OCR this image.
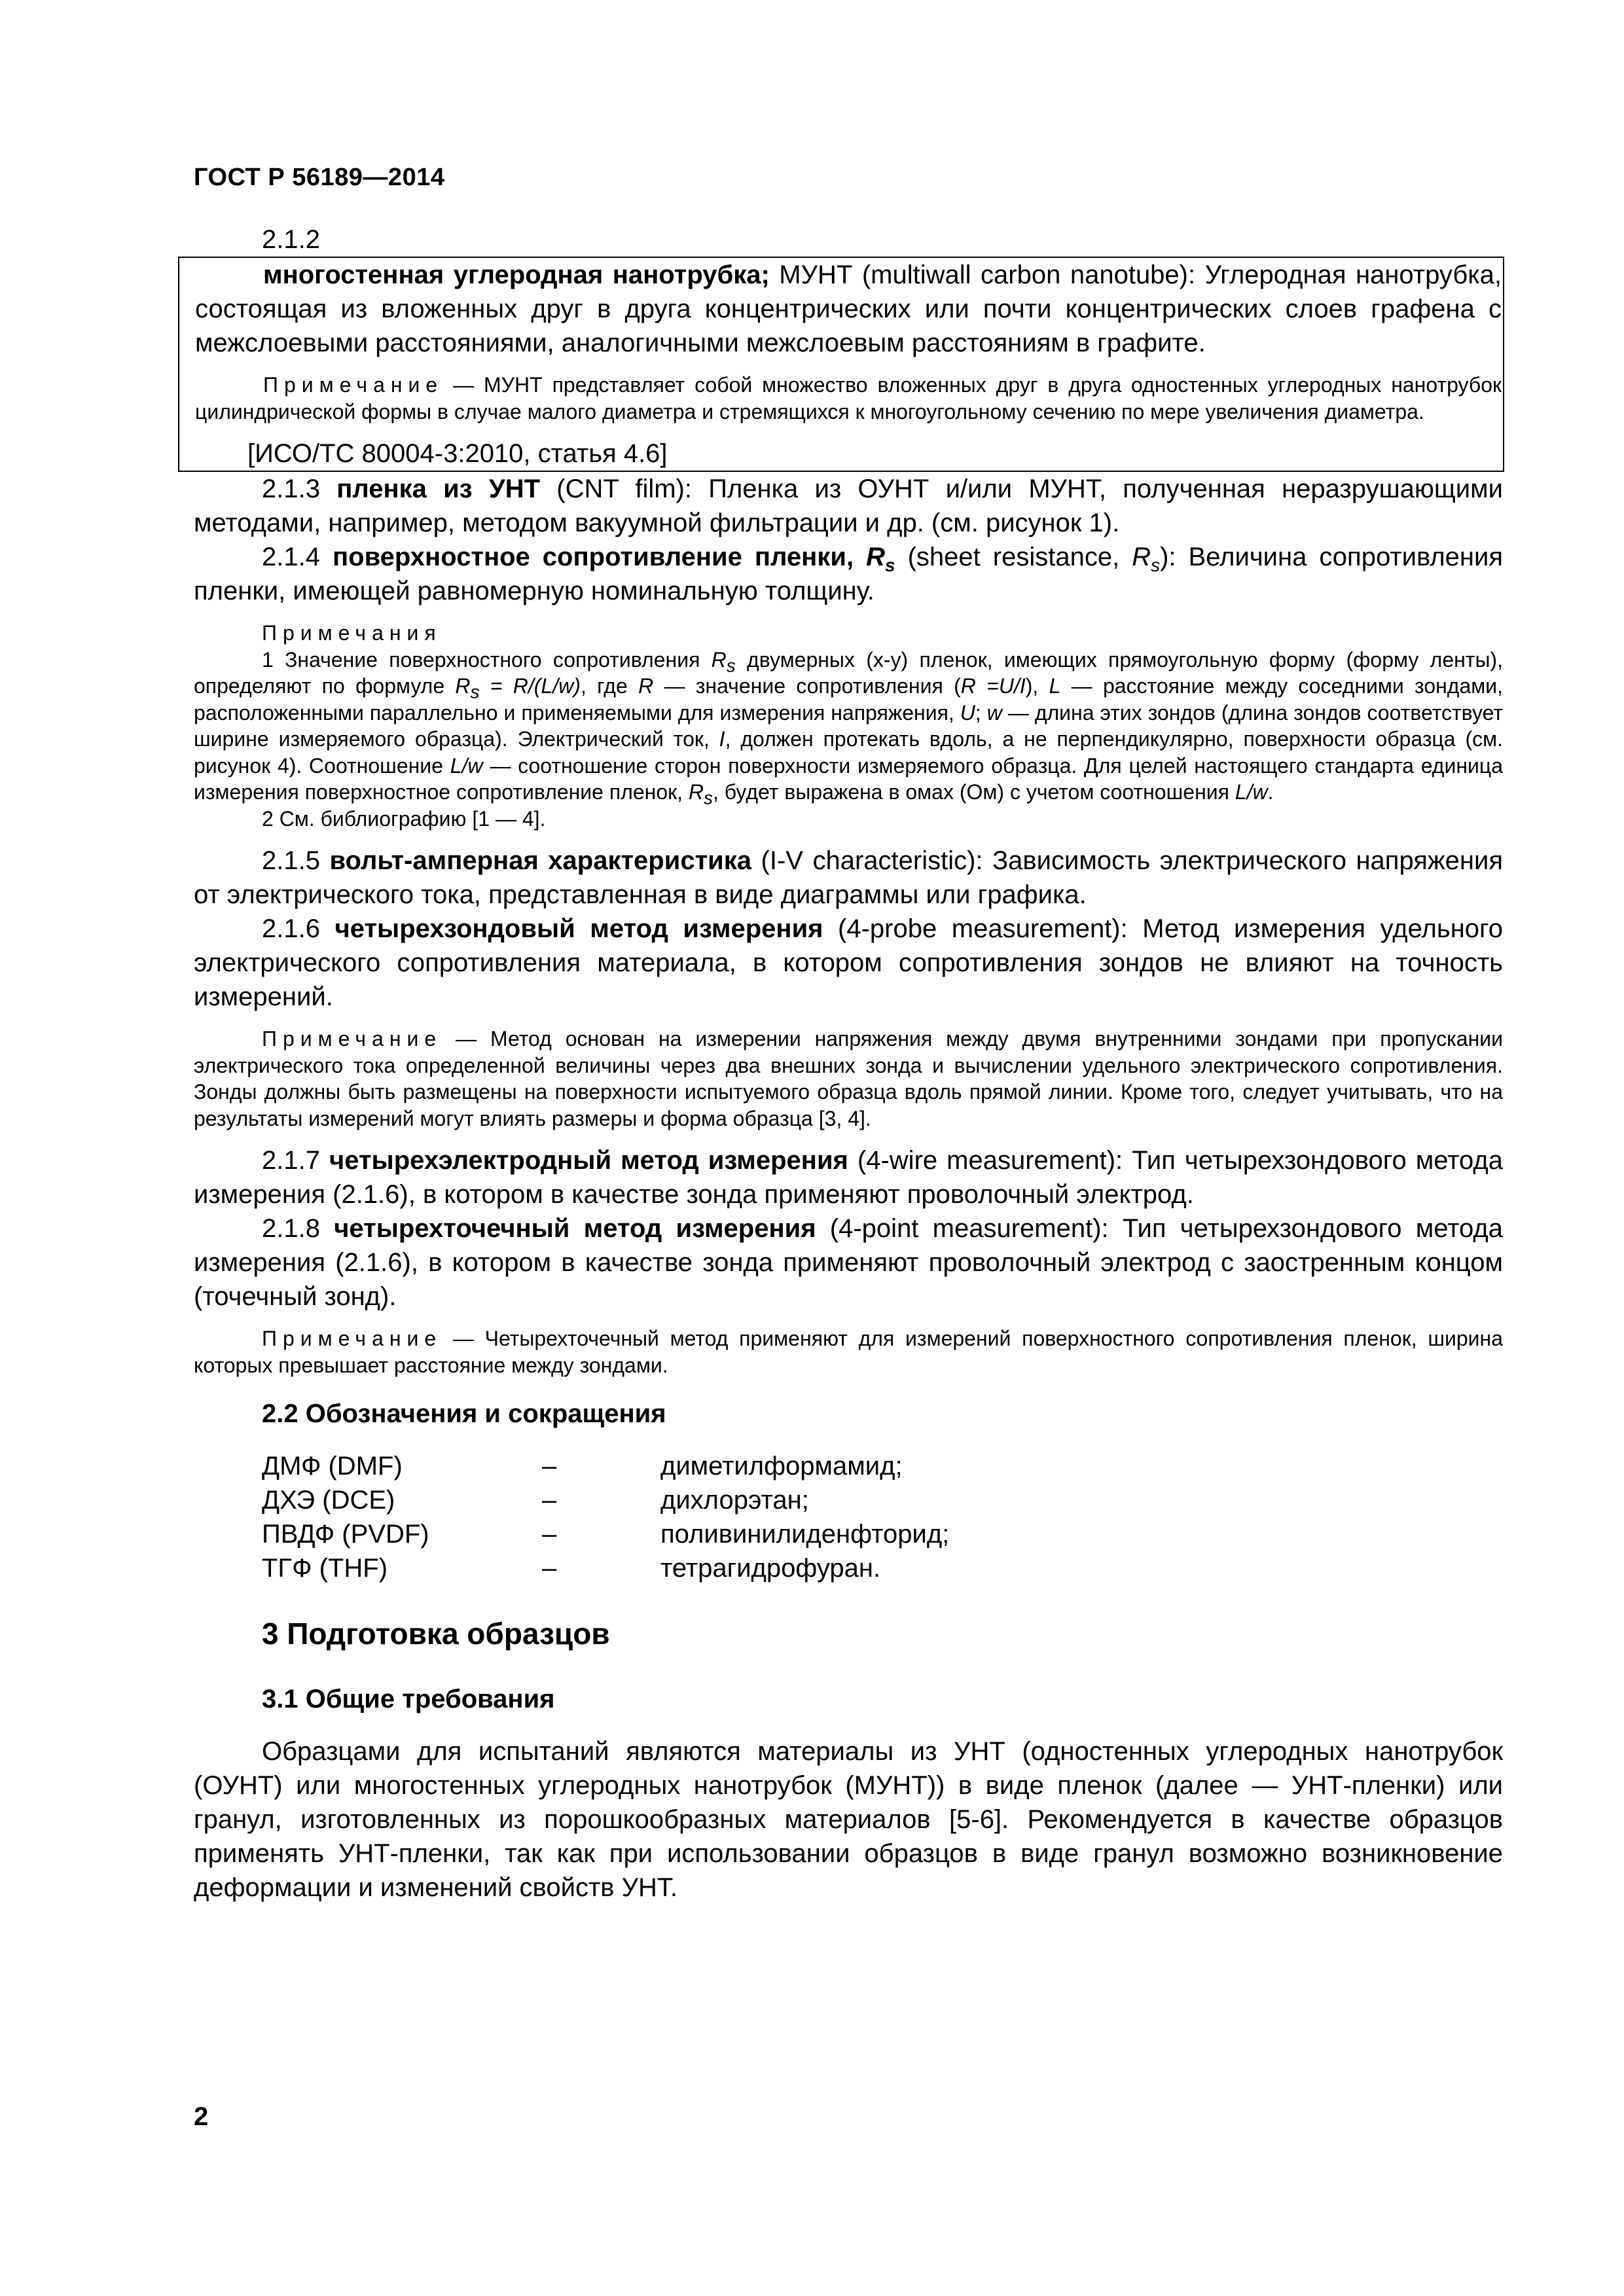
ГОСТ Р 56189—2014

2.1.2

многостенная углеродная нанотрубка; МУНТ (multiwall carbon nanotube): Углеродная нанотрубка, состоящая из вложенных друг в друга концентрических или почти концентрических слоев графена с межслоевыми расстояниями, аналогичными межслоевым расстояниям в графите.

Примечание — МУНТ представляет собой множество вложенных друг в друга одностенных углеродных нанотрубок цилиндрической формы в случае малого диаметра и стремящихся к многоугольному сечению по мере увеличения диаметра.

[ИСО/ТС 80004-3:2010, статья 4.6]

2.1.3 пленка из УНТ (CNT film): Пленка из ОУНТ и/или МУНТ, полученная неразрушающими методами, например, методом вакуумной фильтрации и др. (см. рисунок 1).

2.1.4 поверхностное сопротивление пленки, $R_s$ (sheet resistance, $R_s$): Величина сопротивления пленки, имеющей равномерную номинальную толщину.

Примечания

1 Значение поверхностного сопротивления $R_s$ двумерных (x-y) пленок, имеющих прямоугольную форму (форму ленты), определяют по формуле $R_s = R/(L/w)$, где R — значение сопротивления (R =U/I), L — расстояние между соседними зондами, расположенными параллельно и применяемыми для измерения напряжения, U; w — длина этих зондов (длина зондов соответствует ширине измеряемого образца). Электрический ток, I, должен протекать вдоль, а не перпендикулярно, поверхности образца (см. рисунок 4). Соотношение L/w — соотношение сторон поверхности измеряемого образца. Для целей настоящего стандарта единица измерения поверхностное сопротивление пленок, $R_s$, будет выражена в омах (Ом) с учетом соотношения L/w.

2 См. библиографию [1 — 4].

2.1.5 вольт-амперная характеристика (I-V characteristic): Зависимость электрического напряжения от электрического тока, представленная в виде диаграммы или графика.

2.1.6 четырехзондовый метод измерения (4-probe measurement): Метод измерения удельного электрического сопротивления материала, в котором сопротивления зондов не влияют на точность измерений.

Примечание — Метод основан на измерении напряжения между двумя внутренними зондами при пропускании электрического тока определенной величины через два внешних зонда и вычислении удельного электрического сопротивления. Зонды должны быть размещены на поверхности испытуемого образца вдоль прямой линии. Кроме того, следует учитывать, что на результаты измерений могут влиять размеры и форма образца [3, 4].

2.1.7 четырехэлектродный метод измерения (4-wire measurement): Тип четырехзондового метода измерения (2.1.6), в котором в качестве зонда применяют проволочный электрод.

2.1.8 четырехточечный метод измерения (4-point measurement): Тип четырехзондового метода измерения (2.1.6), в котором в качестве зонда применяют проволочный электрод с заостренным концом (точечный зонд).

Примечание — Четырехточечный метод применяют для измерений поверхностного сопротивления пленок, ширина которых превышает расстояние между зондами.

2.2 Обозначения и сокращения
ДМФ (DMF)	–	диметилформамид;
ДХЭ (DCE)	–	дихлорэтан;
ПВДФ (PVDF)	–	поливинилиденфторид;
ТГФ (THF)	–	тетрагидрофуран.
3 Подготовка образцов
3.1 Общие требования

Образцами для испытаний являются материалы из УНТ (одностенных углеродных нанотрубок (ОУНТ) или многостенных углеродных нанотрубок (МУНТ)) в виде пленок (далее — УНТ-пленки) или гранул, изготовленных из порошкообразных материалов [5-6]. Рекомендуется в качестве образцов применять УНТ-пленки, так как при использовании образцов в виде гранул возможно возникновение деформации и изменений свойств УНТ.

2
